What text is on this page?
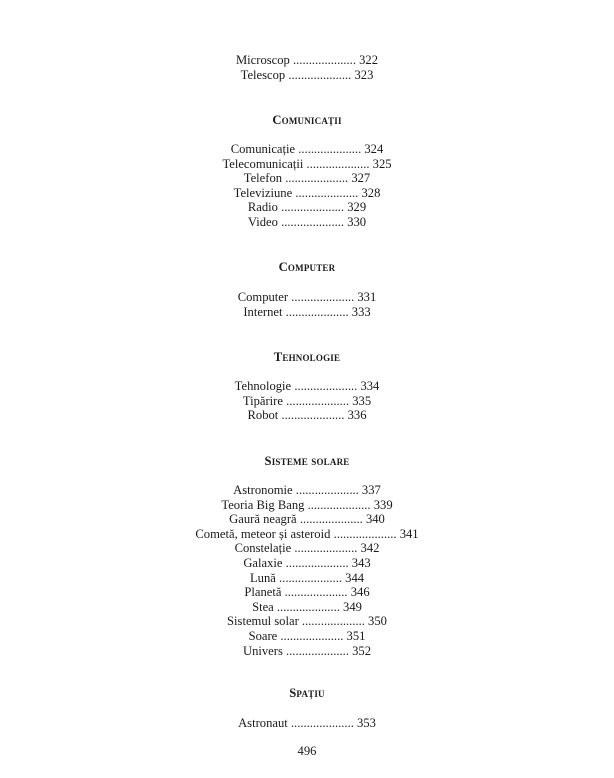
Microscop .................... 322
Telescop .................... 323
Comunicații
Comunicație .................... 324
Telecomunicații .................... 325
Telefon .................... 327
Televiziune .................... 328
Radio .................... 329
Video .................... 330
Computer
Computer .................... 331
Internet .................... 333
Tehnologie
Tehnologie .................... 334
Tipărire .................... 335
Robot .................... 336
Sisteme solare
Astronomie .................... 337
Teoria Big Bang .................... 339
Gaură neagră .................... 340
Cometă, meteor și asteroid .................... 341
Constelație .................... 342
Galaxie .................... 343
Lună .................... 344
Planetă .................... 346
Stea .................... 349
Sistemul solar .................... 350
Soare .................... 351
Univers .................... 352
Spațiu
Astronaut .................... 353
496
